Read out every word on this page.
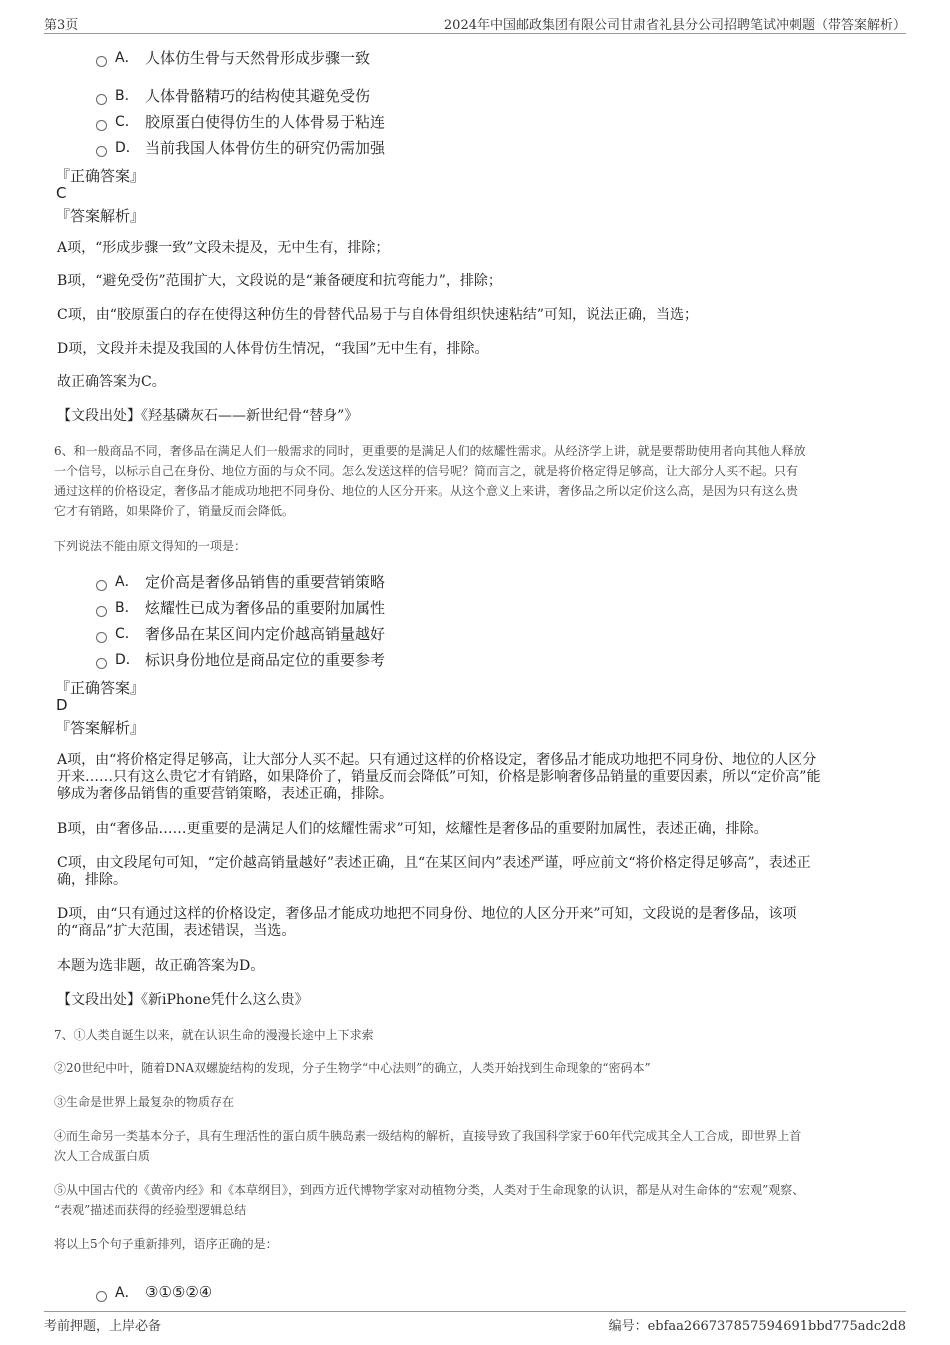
第3页	2024年中国邮政集团有限公司甘肃省礼县分公司招聘笔试冲刺题（带答案解析）
A． 人体仿生骨与天然骨形成步骤一致
B． 人体骨骼精巧的结构使其避免受伤
C． 胶原蛋白使得仿生的人体骨易于粘连
D． 当前我国人体骨仿生的研究仍需加强
『正确答案』
C
『答案解析』
A项，“形成步骤一致”文段未提及，无中生有，排除；
B项，“避免受伤”范围扩大，文段说的是“兼备硬度和抗弯能力”，排除；
C项，由“胶原蛋白的存在使得这种仿生的骨替代品易于与自体骨组织快速粘结”可知，说法正确，当选；
D项，文段并未提及我国的人体骨仿生情况，“我国”无中生有，排除。
故正确答案为C。
【文段出处】《羟基磷灰石——新世纪骨“替身”》
6、和一般商品不同，奢侈品在满足人们一般需求的同时，更重要的是满足人们的炫耀性需求。从经济学上讲，就是要帮助使用者向其他人释放
一个信号，以标示自己在身份、地位方面的与众不同。怎么发送这样的信号呢？简而言之，就是将价格定得足够高，让大部分人买不起。只有
通过这样的价格设定，奢侈品才能成功地把不同身份、地位的人区分开来。从这个意义上来讲，奢侈品之所以定价这么高，是因为只有这么贵
它才有销路，如果降价了，销量反而会降低。
下列说法不能由原文得知的一项是：
A． 定价高是奢侈品销售的重要营销策略
B． 炫耀性已成为奢侈品的重要附加属性
C． 奢侈品在某区间内定价越高销量越好
D． 标识身份地位是商品定位的重要参考
『正确答案』
D
『答案解析』
A项，由“将价格定得足够高，让大部分人买不起。只有通过这样的价格设定，奢侈品才能成功地把不同身份、地位的人区分
开来……只有这么贵它才有销路，如果降价了，销量反而会降低”可知，价格是影响奢侈品销量的重要因素，所以“定价高”能
够成为奢侈品销售的重要营销策略，表述正确，排除。
B项，由“奢侈品……更重要的是满足人们的炫耀性需求”可知，炫耀性是奢侈品的重要附加属性，表述正确，排除。
C项，由文段尾句可知，“定价越高销量越好”表述正确，且“在某区间内”表述严谨，呼应前文“将价格定得足够高”，表述正
确，排除。
D项，由“只有通过这样的价格设定，奢侈品才能成功地把不同身份、地位的人区分开来”可知，文段说的是奢侈品，该项
的“商品”扩大范围，表述错误，当选。
本题为选非题，故正确答案为D。
【文段出处】《新iPhone凭什么这么贵》
7、①人类自诞生以来，就在认识生命的漫漫长途中上下求索
②20世纪中叶，随着DNA双螺旋结构的发现，分子生物学“中心法则”的确立，人类开始找到生命现象的“密码本”
③生命是世界上最复杂的物质存在
④而生命另一类基本分子，具有生理活性的蛋白质牛胰岛素一级结构的解析，直接导致了我国科学家于60年代完成其全人工合成，即世界上首
次人工合成蛋白质
⑤从中国古代的《黄帝内经》和《本草纲目》，到西方近代博物学家对动植物分类，人类对于生命现象的认识，都是从对生命体的“宏观”观察、
“表观”描述而获得的经验型逻辑总结
将以上5个句子重新排列，语序正确的是：
A． ③①⑤②④
考前押题，上岸必备	编号：ebfaa266737857594691bbd775adc2d8
